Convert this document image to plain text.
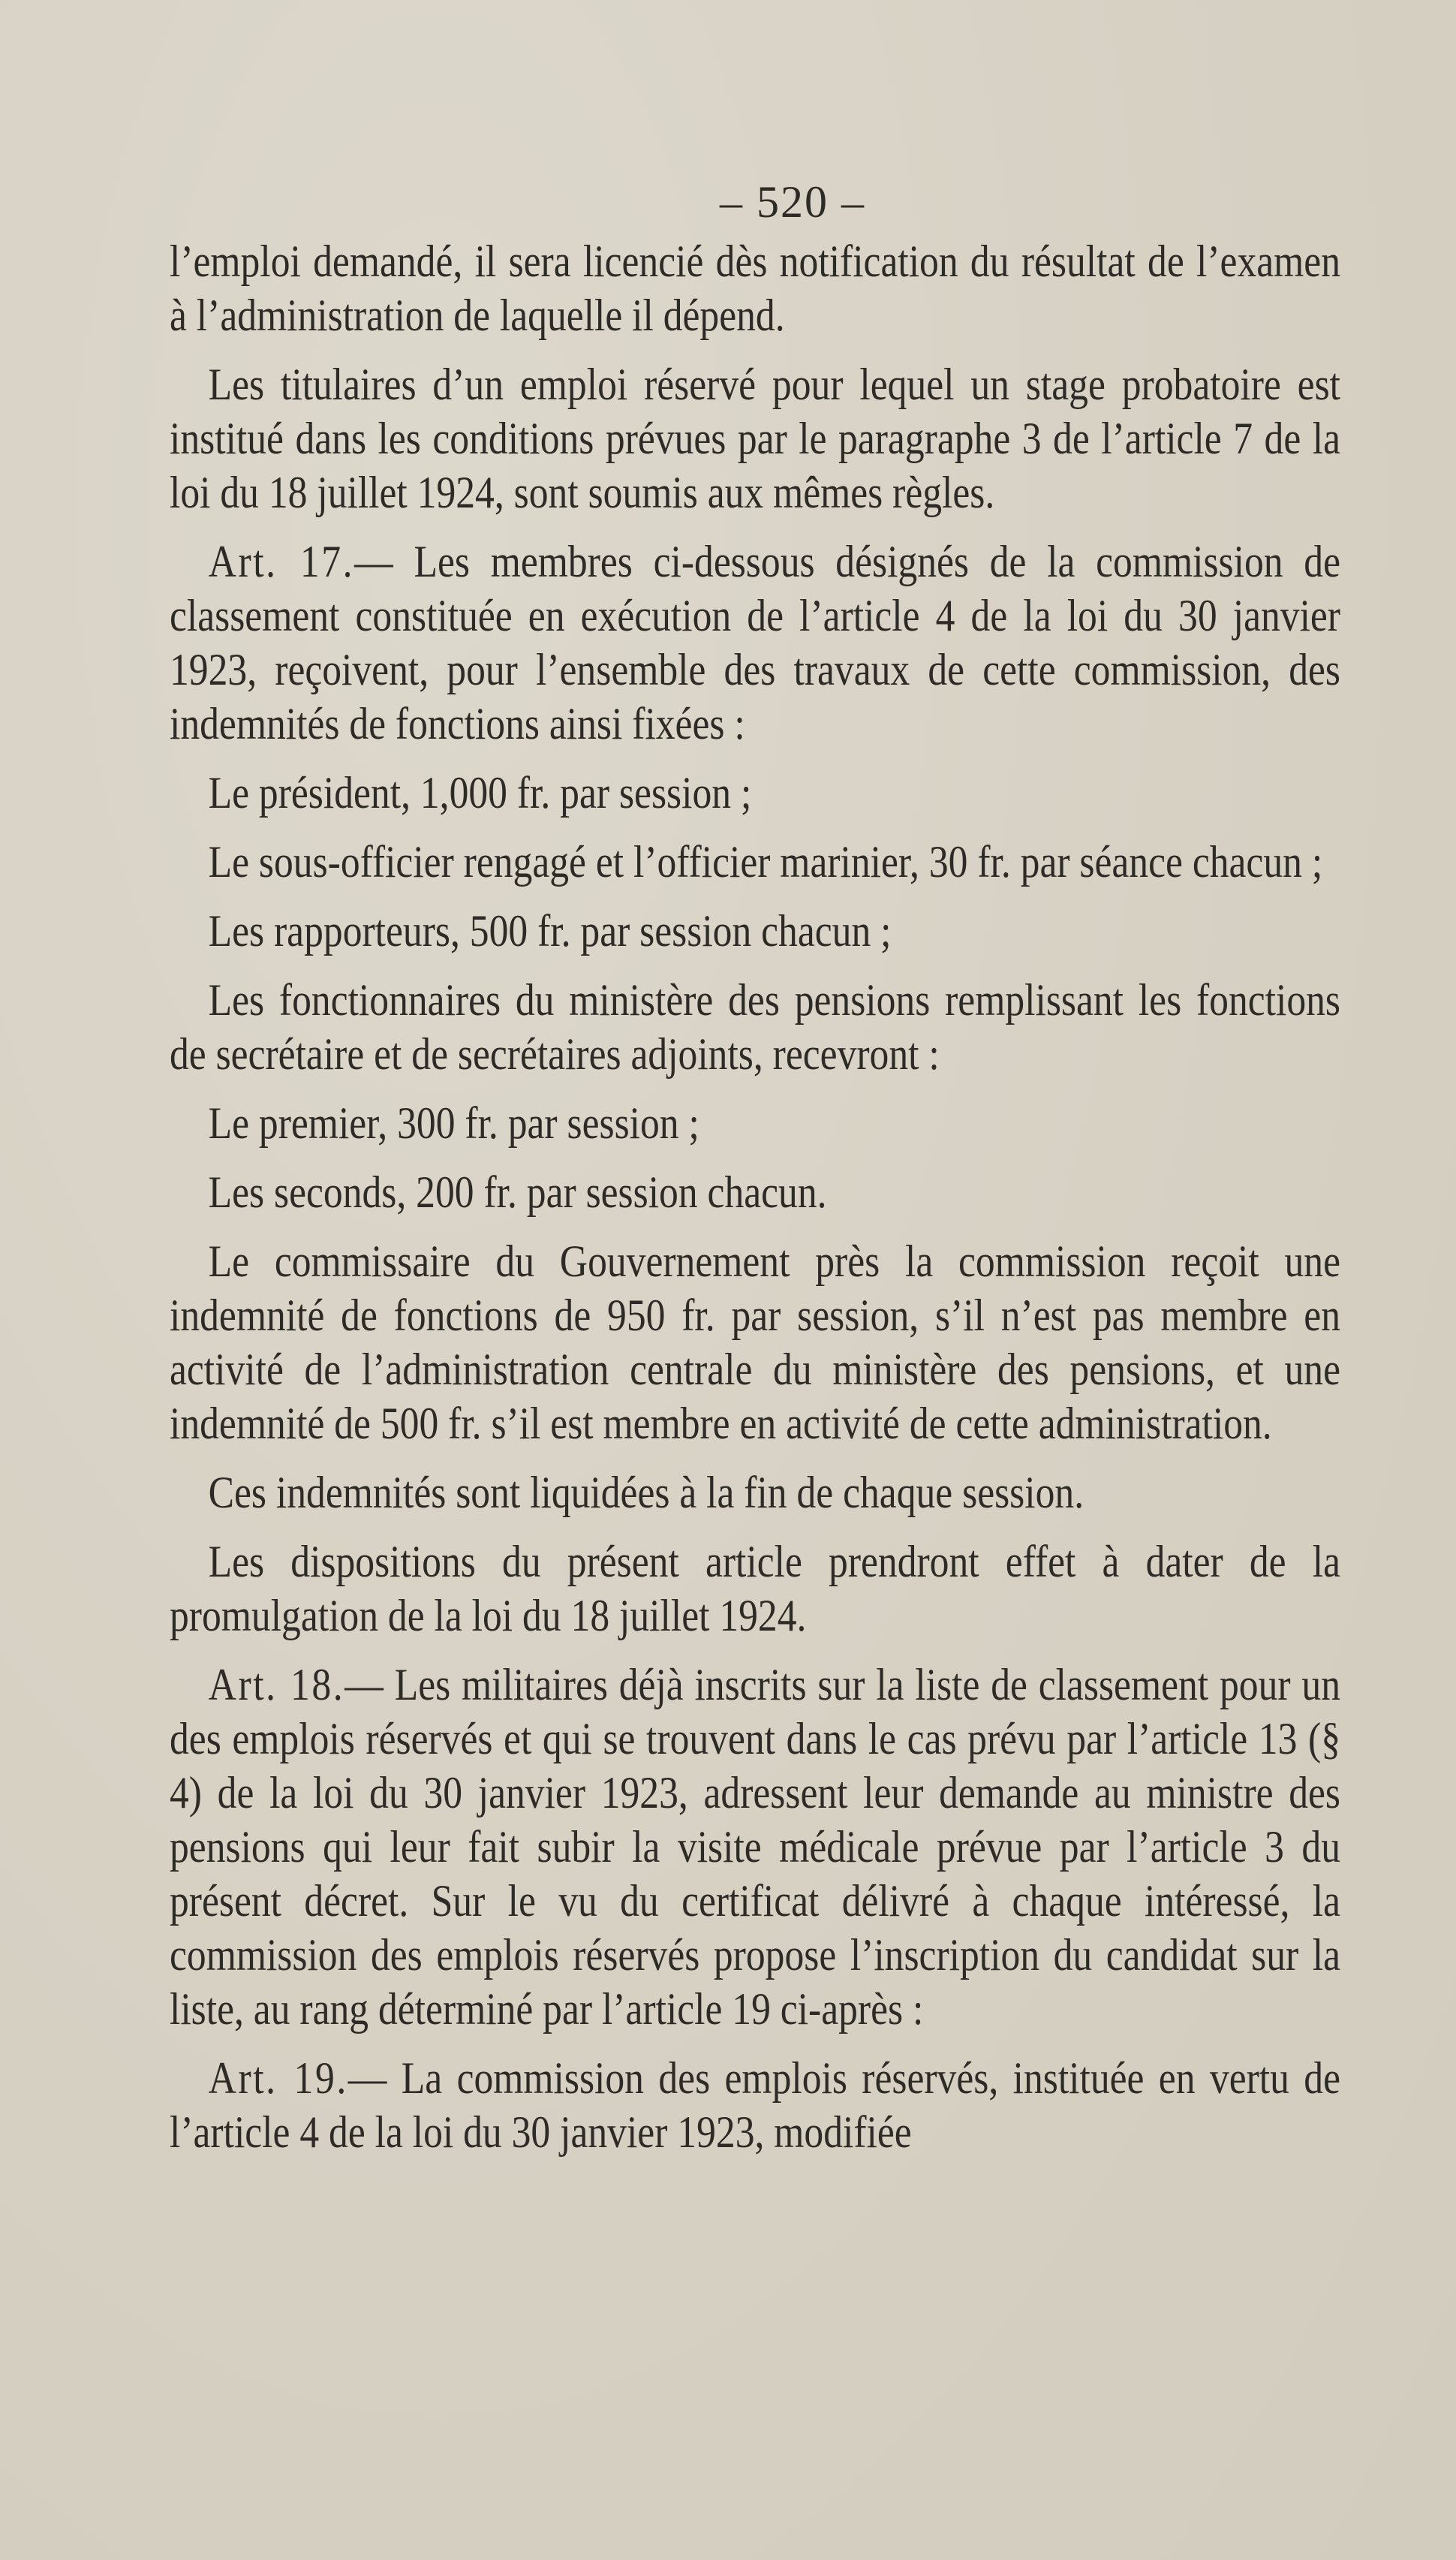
– 520 –

l’emploi demandé, il sera licencié dès notification du résultat de l’examen à l’administration de laquelle il dépend.

Les titulaires d’un emploi réservé pour lequel un stage probatoire est institué dans les conditions prévues par le paragraphe 3 de l’article 7 de la loi du 18 juillet 1924, sont soumis aux mêmes règles.

Art. 17.— Les membres ci-dessous désignés de la commission de classement constituée en exécution de l’article 4 de la loi du 30 janvier 1923, reçoivent, pour l’ensemble des travaux de cette commission, des indemnités de fonctions ainsi fixées :

Le président, 1,000 fr. par session ;

Le sous-officier rengagé et l’officier marinier, 30 fr. par séance chacun ;

Les rapporteurs, 500 fr. par session chacun ;

Les fonctionnaires du ministère des pensions remplissant les fonctions de secrétaire et de secrétaires adjoints, recevront :

Le premier, 300 fr. par session ;

Les seconds, 200 fr. par session chacun.

Le commissaire du Gouvernement près la commission reçoit une indemnité de fonctions de 950 fr. par session, s’il n’est pas membre en activité de l’administration centrale du ministère des pensions, et une indemnité de 500 fr. s’il est membre en activité de cette administration.

Ces indemnités sont liquidées à la fin de chaque session.

Les dispositions du présent article prendront effet à dater de la promulgation de la loi du 18 juillet 1924.

Art. 18.— Les militaires déjà inscrits sur la liste de classement pour un des emplois réservés et qui se trouvent dans le cas prévu par l’article 13 (§ 4) de la loi du 30 janvier 1923, adressent leur demande au ministre des pensions qui leur fait subir la visite médicale prévue par l’article 3 du présent décret. Sur le vu du certificat délivré à chaque intéressé, la commission des emplois réservés propose l’inscription du candidat sur la liste, au rang déterminé par l’article 19 ci-après :

Art. 19.— La commission des emplois réservés, instituée en vertu de l’article 4 de la loi du 30 janvier 1923, modifiée
